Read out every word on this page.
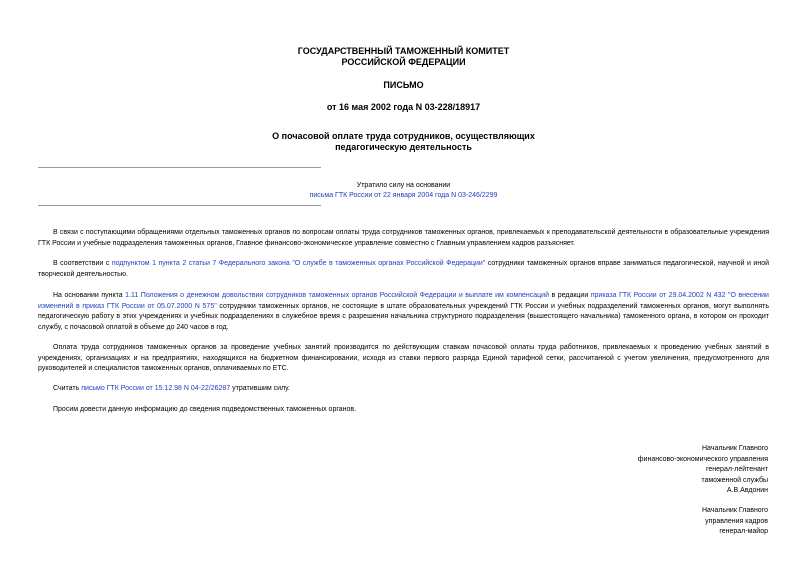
ГОСУДАРСТВЕННЫЙ ТАМОЖЕННЫЙ КОМИТЕТ
РОССИЙСКОЙ ФЕДЕРАЦИИ
ПИСЬМО
от 16 мая 2002 года N 03-228/18917
О почасовой оплате труда сотрудников, осуществляющих
педагогическую деятельность
Утратило силу на основании
письма ГТК России от 22 января 2004 года N 03-246/2299

В связи с поступающими обращениями отдельных таможенных органов по вопросам оплаты труда сотрудников таможенных органов, привлекаемых к преподавательской деятельности в образовательные учреждения ГТК России и учебные подразделения таможенных органов, Главное финансово-экономическое управление совместно с Главным управлением кадров разъясняет.

В соответствии с подпунктом 1 пункта 2 статьи 7 Федерального закона "О службе в таможенных органах Российской Федерации" сотрудники таможенных органов вправе заниматься педагогической, научной и иной творческой деятельностью.

На основании пункта 1.11 Положения о денежном довольствии сотрудников таможенных органов Российской Федерации и выплате им компенсаций в редакции приказа ГТК России от 29.04.2002 N 432 "О внесении изменений в приказ ГТК России от 05.07.2000 N 575" сотрудники таможенных органов, не состоящие в штате образовательных учреждений ГТК России и учебных подразделений таможенных органов, могут выполнять педагогическую работу в этих учреждениях и учебных подразделениях в служебное время с разрешения начальника структурного подразделения (вышестоящего начальника) таможенного органа, в котором он проходит службу, с почасовой оплатой в объеме до 240 часов в год.

Оплата труда сотрудников таможенных органов за проведение учебных занятий производится по действующим ставкам почасовой оплаты труда работников, привлекаемых к проведению учебных занятий в учреждениях, организациях и на предприятиях, находящихся на бюджетном финансировании, исходя из ставки первого разряда Единой тарифной сетки, рассчитанной с учетом увеличения, предусмотренного для руководителей и специалистов таможенных органов, оплачиваемых по ЕТС.

Считать письмо ГТК России от 15.12.98 N 04-22/26287 утратившим силу.

Просим довести данную информацию до сведения подведомственных таможенных органов.

Начальник Главного
финансово-экономического управления
генерал-лейтенант
таможенной службы
А.В.Авдонин
Начальник Главного
управления кадров
генерал-майор
